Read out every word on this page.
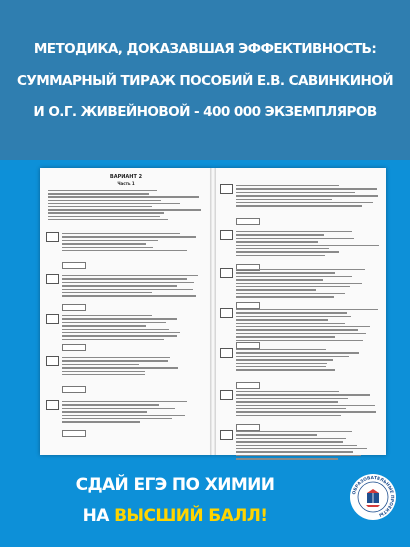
МЕТОДИКА, ДОКАЗАВШАЯ ЭФФЕКТИВНОСТЬ:
СУММАРНЫЙ ТИРАЖ ПОСОБИЙ Е.В. САВИНКИНОЙ
И О.Г. ЖИВЕЙНОВОЙ - 400 000 ЭКЗЕМПЛЯРОВ
ВАРИАНТ 2
Часть 1
СДАЙ ЕГЭ ПО ХИМИИ
НА ВЫСШИЙ БАЛЛ!
ОБРАЗОВАТЕЛЬНЫЕ ПРОЕКТЫ
